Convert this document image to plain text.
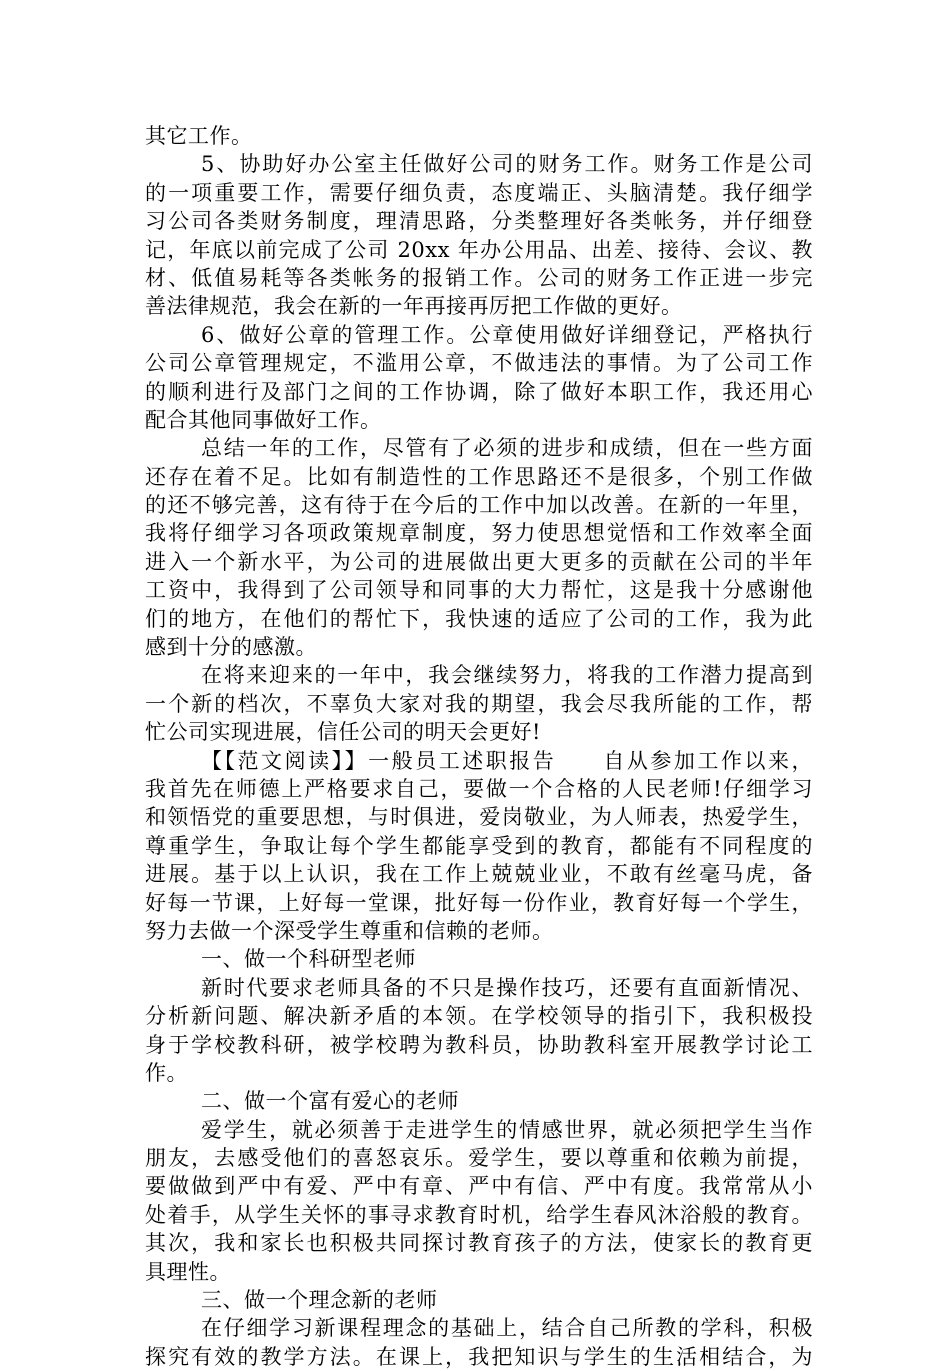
其它工作。
5、协助好办公室主任做好公司的财务工作。财务工作是公司
的一项重要工作，需要仔细负责，态度端正、头脑清楚。我仔细学
习公司各类财务制度，理清思路，分类整理好各类帐务，并仔细登
记，年底以前完成了公司 20xx 年办公用品、出差、接待、会议、教
材、低值易耗等各类帐务的报销工作。公司的财务工作正进一步完
善法律规范，我会在新的一年再接再厉把工作做的更好。
6、做好公章的管理工作。公章使用做好详细登记，严格执行
公司公章管理规定，不滥用公章，不做违法的事情。为了公司工作
的顺利进行及部门之间的工作协调，除了做好本职工作，我还用心
配合其他同事做好工作。
总结一年的工作，尽管有了必须的进步和成绩，但在一些方面
还存在着不足。比如有制造性的工作思路还不是很多，个别工作做
的还不够完善，这有待于在今后的工作中加以改善。在新的一年里，
我将仔细学习各项政策规章制度，努力使思想觉悟和工作效率全面
进入一个新水平，为公司的进展做出更大更多的贡献在公司的半年
工资中，我得到了公司领导和同事的大力帮忙，这是我十分感谢他
们的地方，在他们的帮忙下，我快速的适应了公司的工作，我为此
感到十分的感激。
在将来迎来的一年中，我会继续努力，将我的工作潜力提高到
一个新的档次，不辜负大家对我的期望，我会尽我所能的工作，帮
忙公司实现进展，信任公司的明天会更好!
【【范文阅读】】一般员工述职报告　　自从参加工作以来，
我首先在师德上严格要求自己，要做一个合格的人民老师!仔细学习
和领悟党的重要思想，与时俱进，爱岗敬业，为人师表，热爱学生，
尊重学生，争取让每个学生都能享受到的教育，都能有不同程度的
进展。基于以上认识，我在工作上兢兢业业，不敢有丝毫马虎，备
好每一节课，上好每一堂课，批好每一份作业，教育好每一个学生，
努力去做一个深受学生尊重和信赖的老师。
一、做一个科研型老师
新时代要求老师具备的不只是操作技巧，还要有直面新情况、
分析新问题、解决新矛盾的本领。在学校领导的指引下，我积极投
身于学校教科研，被学校聘为教科员，协助教科室开展教学讨论工
作。
二、做一个富有爱心的老师
爱学生，就必须善于走进学生的情感世界，就必须把学生当作
朋友，去感受他们的喜怒哀乐。爱学生，要以尊重和依赖为前提，
要做做到严中有爱、严中有章、严中有信、严中有度。我常常从小
处着手，从学生关怀的事寻求教育时机，给学生春风沐浴般的教育。
其次，我和家长也积极共同探讨教育孩子的方法，使家长的教育更
具理性。
三、做一个理念新的老师
在仔细学习新课程理念的基础上，结合自己所教的学科，积极
探究有效的教学方法。在课上，我把知识与学生的生活相结合，为
